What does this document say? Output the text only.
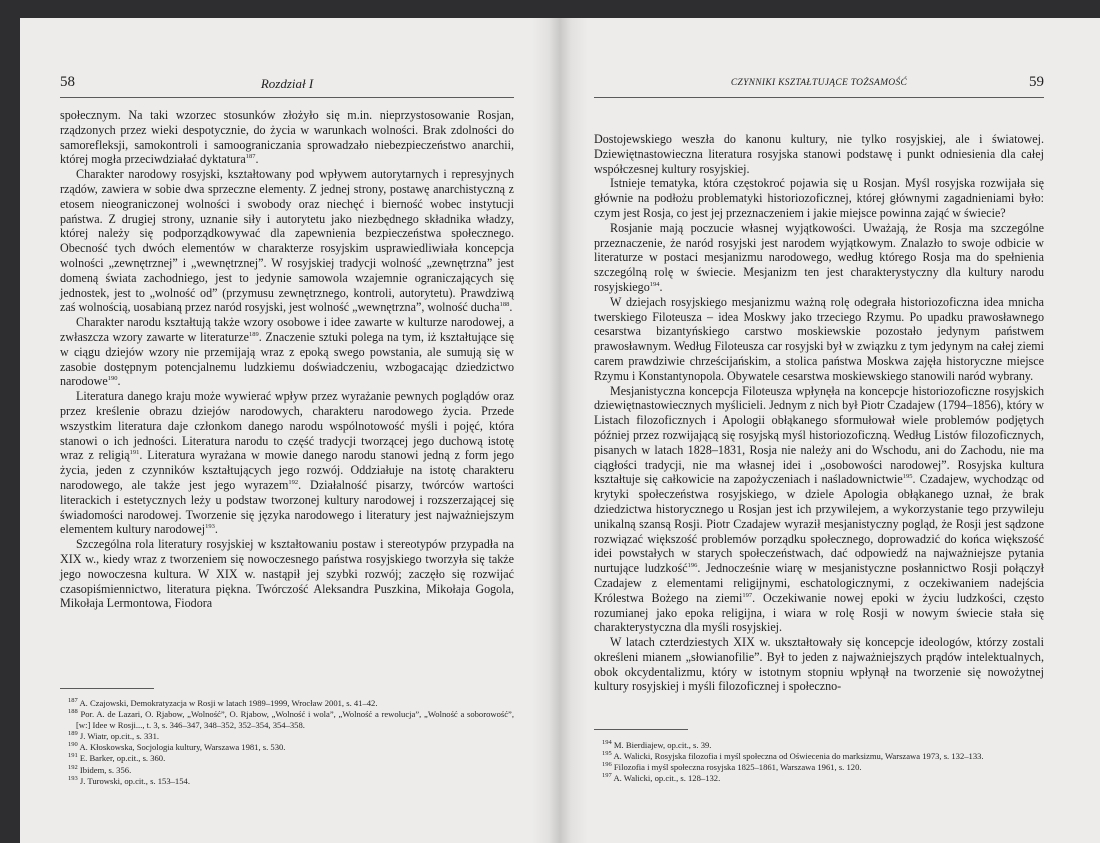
58	Rozdział I

społecznym. Na taki wzorzec stosunków złożyło się m.in. nieprzystosowanie Rosjan, rządzonych przez wieki despotycznie, do życia w warunkach wolności. Brak zdolności do samorefleksji, samokontroli i samoograniczania sprowadzało niebezpieczeństwo anarchii, której mogła przeciwdziałać dyktatura$^{187}$.

Charakter narodowy rosyjski, kształtowany pod wpływem autorytarnych i represyjnych rządów, zawiera w sobie dwa sprzeczne elementy. Z jednej strony, postawę anarchistyczną z etosem nieograniczonej wolności i swobody oraz niechęć i bierność wobec instytucji państwa. Z drugiej strony, uznanie siły i autorytetu jako niezbędnego składnika władzy, której należy się podporządkowywać dla zapewnienia bezpieczeństwa społecznego. Obecność tych dwóch elementów w charakterze rosyjskim usprawiedliwiała koncepcja wolności „zewnętrznej” i „wewnętrznej”. W rosyjskiej tradycji wolność „zewnętrzna” jest domeną świata zachodniego, jest to jedynie samowola wzajemnie ograniczających się jednostek, jest to „wolność od” (przymusu zewnętrznego, kontroli, autorytetu). Prawdziwą zaś wolnością, uosabianą przez naród rosyjski, jest wolność „wewnętrzna”, wolność ducha$^{188}$.

Charakter narodu kształtują także wzory osobowe i idee zawarte w kulturze narodowej, a zwłaszcza wzory zawarte w literaturze$^{189}$. Znaczenie sztuki polega na tym, iż kształtujące się w ciągu dziejów wzory nie przemijają wraz z epoką swego powstania, ale sumują się w zasobie dostępnym potencjalnemu ludzkiemu doświadczeniu, wzbogacając dziedzictwo narodowe$^{190}$.

Literatura danego kraju może wywierać wpływ przez wyrażanie pewnych poglądów oraz przez kreślenie obrazu dziejów narodowych, charakteru narodowego życia. Przede wszystkim literatura daje członkom danego narodu wspólnotowość myśli i pojęć, która stanowi o ich jedności. Literatura narodu to część tradycji tworzącej jego duchową istotę wraz z religią$^{191}$. Literatura wyrażana w mowie danego narodu stanowi jedną z form jego życia, jeden z czynników kształtujących jego rozwój. Oddziałuje na istotę charakteru narodowego, ale także jest jego wyrazem$^{192}$. Działalność pisarzy, twórców wartości literackich i estetycznych leży u podstaw tworzonej kultury narodowej i rozszerzającej się świadomości narodowej. Tworzenie się języka narodowego i literatury jest najważniejszym elementem kultury narodowej$^{193}$.

Szczególna rola literatury rosyjskiej w kształtowaniu postaw i stereotypów przypadła na XIX w., kiedy wraz z tworzeniem się nowoczesnego państwa rosyjskiego tworzyła się także jego nowoczesna kultura. W XIX w. nastąpił jej szybki rozwój; zaczęło się rozwijać czasopiśmiennictwo, literatura piękna. Twórczość Aleksandra Puszkina, Mikołaja Gogola, Mikołaja Lermontowa, Fiodora

$^{187}$ A. Czajowski, Demokratyzacja w Rosji w latach 1989–1999, Wrocław 2001, s. 41–42.

$^{188}$ Por. A. de Lazari, O. Rjabow, „Wolność”, O. Rjabow, „Wolność i wola”, „Wolność a rewolucja”, „Wolność a soborowość”, [w:] Idee w Rosji..., t. 3, s. 346–347, 348–352, 352–354, 354–358.

$^{189}$ J. Wiatr, op.cit., s. 331.

$^{190}$ A. Kłoskowska, Socjologia kultury, Warszawa 1981, s. 530.

$^{191}$ E. Barker, op.cit., s. 360.

$^{192}$ Ibidem, s. 356.

$^{193}$ J. Turowski, op.cit., s. 153–154.

CZYNNIKI KSZTAŁTUJĄCE TOŻSAMOŚĆ	59

Dostojewskiego weszła do kanonu kultury, nie tylko rosyjskiej, ale i światowej. Dziewiętnastowieczna literatura rosyjska stanowi podstawę i punkt odniesienia dla całej współczesnej kultury rosyjskiej.

Istnieje tematyka, która częstokroć pojawia się u Rosjan. Myśl rosyjska rozwijała się głównie na podłożu problematyki historiozoficznej, której głównymi zagadnieniami było: czym jest Rosja, co jest jej przeznaczeniem i jakie miejsce powinna zająć w świecie?

Rosjanie mają poczucie własnej wyjątkowości. Uważają, że Rosja ma szczególne przeznaczenie, że naród rosyjski jest narodem wyjątkowym. Znalazło to swoje odbicie w literaturze w postaci mesjanizmu narodowego, według którego Rosja ma do spełnienia szczególną rolę w świecie. Mesjanizm ten jest charakterystyczny dla kultury narodu rosyjskiego$^{194}$.

W dziejach rosyjskiego mesjanizmu ważną rolę odegrała historiozoficzna idea mnicha twerskiego Filoteusza – idea Moskwy jako trzeciego Rzymu. Po upadku prawosławnego cesarstwa bizantyńskiego carstwo moskiewskie pozostało jedynym państwem prawosławnym. Według Filoteusza car rosyjski był w związku z tym jedynym na całej ziemi carem prawdziwie chrześcijańskim, a stolica państwa Moskwa zajęła historyczne miejsce Rzymu i Konstantynopola. Obywatele cesarstwa moskiewskiego stanowili naród wybrany.

Mesjanistyczna koncepcja Filoteusza wpłynęła na koncepcje historiozoficzne rosyjskich dziewiętnastowiecznych myślicieli. Jednym z nich był Piotr Czadajew (1794–1856), który w Listach filozoficznych i Apologii obłąkanego sformułował wiele problemów podjętych później przez rozwijającą się rosyjską myśl historiozoficzną. Według Listów filozoficznych, pisanych w latach 1828–1831, Rosja nie należy ani do Wschodu, ani do Zachodu, nie ma ciągłości tradycji, nie ma własnej idei i „osobowości narodowej”. Rosyjska kultura kształtuje się całkowicie na zapożyczeniach i naśladownictwie$^{195}$. Czadajew, wychodząc od krytyki społeczeństwa rosyjskiego, w dziele Apologia obłąkanego uznał, że brak dziedzictwa historycznego u Rosjan jest ich przywilejem, a wykorzystanie tego przywileju unikalną szansą Rosji. Piotr Czadajew wyraził mesjanistyczny pogląd, że Rosji jest sądzone rozwiązać większość problemów porządku społecznego, doprowadzić do końca większość idei powstałych w starych społeczeństwach, dać odpowiedź na najważniejsze pytania nurtujące ludzkość$^{196}$. Jednocześnie wiarę w mesjanistyczne posłannictwo Rosji połączył Czadajew z elementami religijnymi, eschatologicznymi, z oczekiwaniem nadejścia Królestwa Bożego na ziemi$^{197}$. Oczekiwanie nowej epoki w życiu ludzkości, często rozumianej jako epoka religijna, i wiara w rolę Rosji w nowym świecie stała się charakterystyczna dla myśli rosyjskiej.

W latach czterdziestych XIX w. ukształtowały się koncepcje ideologów, którzy zostali określeni mianem „słowianofilie”. Był to jeden z najważniejszych prądów intelektualnych, obok okcydentalizmu, który w istotnym stopniu wpłynął na tworzenie się nowożytnej kultury rosyjskiej i myśli filozoficznej i społeczno-

$^{194}$ M. Bierdiajew, op.cit., s. 39.

$^{195}$ A. Walicki, Rosyjska filozofia i myśl społeczna od Oświecenia do marksizmu, Warszawa 1973, s. 132–133.

$^{196}$ Filozofia i myśl społeczna rosyjska 1825–1861, Warszawa 1961, s. 120.

$^{197}$ A. Walicki, op.cit., s. 128–132.
